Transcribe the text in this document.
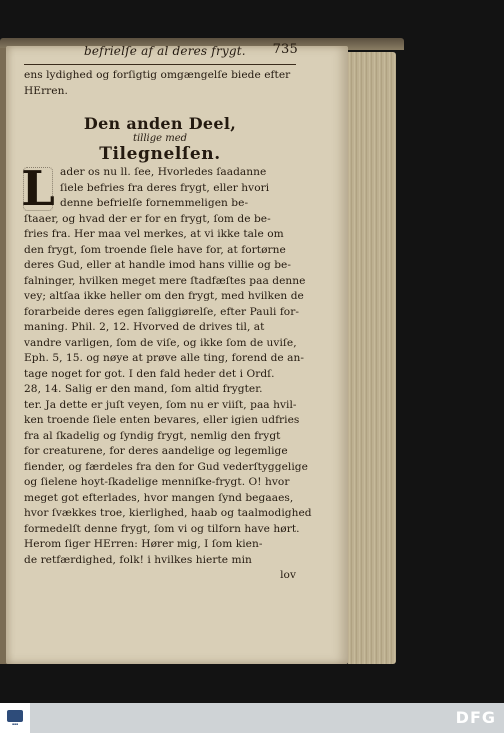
befrielſe af al deres frygt. 735
ens lydighed og forſigtig omgængelſe biede efter
HErren.
Den anden Deel,
tillige med
Tilegnelſen.
L ader os nu ll. ſee, Hvorledes ſaadanne
ſiele befries fra deres frygt, eller hvori
denne befrielſe fornemmeligen be-
ſtaaer, og hvad der er for en frygt, ſom de be-
fries fra. Her maa vel merkes, at vi ikke tale om
den frygt, ſom troende ſiele have for, at fortørne
deres Gud, eller at handle imod hans villie og be-
falninger, hvilken meget mere ſtadfæſtes paa denne
vey; altſaa ikke heller om den frygt, med hvilken de
forarbeide deres egen ſaliggiørelſe, efter Pauli for-
maning. Phil. 2, 12. Hvorved de drives til, at
vandre varligen, ſom de viſe, og ikke ſom de uviſe,
Eph. 5, 15. og nøye at prøve alle ting, forend de an-
tage noget for got. I den fald heder det i Ordſ.
28, 14. Salig er den mand, ſom altid frygter.
ter. Ja dette er juſt veyen, ſom nu er viiſt, paa hvil-
ken troende ſiele enten bevares, eller igien udfries
fra al ſkadelig og ſyndig frygt, nemlig den frygt
for creaturene, for deres aandelige og legemlige
fiender, og færdeles fra den for Gud vederſtyggelige
og ſielene hoyt-ſkadelige menniſke-frygt. O! hvor
meget got efterlades, hvor mangen ſynd begaaes,
hvor ſvækkes troe, kierlighed, haab og taalmodighed
formedelſt denne frygt, ſom vi og tilforn have hørt.
Herom ſiger HErren: Hører mig, I ſom kien-
de retfærdighed, folk! i hvilkes hierte min
lov
▪▪▪	DFG
